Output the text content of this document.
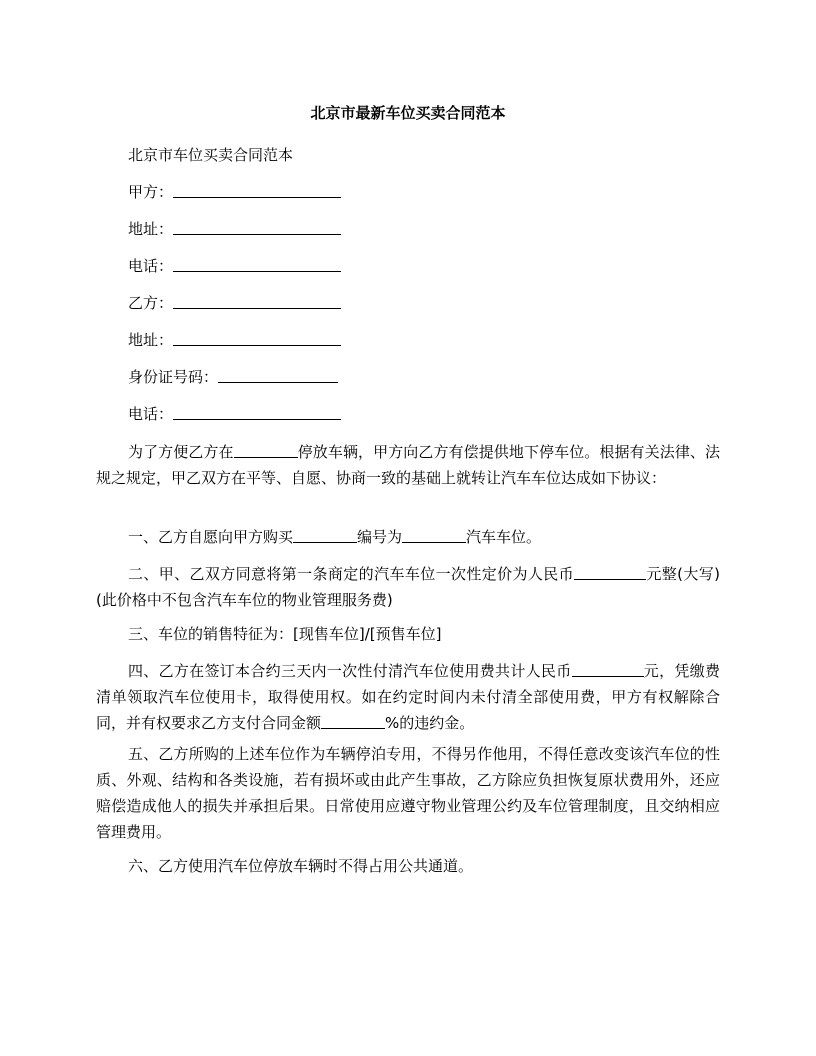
北京市最新车位买卖合同范本

北京市车位买卖合同范本

甲方：

地址：

电话：

乙方：

地址：

身份证号码：

电话：

为了方便乙方在	停放车辆，甲方向乙方有偿提供地下停车位。根据有关法律、法规之规定，甲乙双方在平等、自愿、协商一致的基础上就转让汽车车位达成如下协议：

一、乙方自愿向甲方购买	编号为	汽车车位。

二、甲、乙双方同意将第一条商定的汽车车位一次性定价为人民币	元整(大写)(此价格中不包含汽车车位的物业管理服务费)

三、车位的销售特征为：[现售车位]/[预售车位]

四、乙方在签订本合约三天内一次性付清汽车位使用费共计人民币	元，凭缴费清单领取汽车位使用卡，取得使用权。如在约定时间内未付清全部使用费，甲方有权解除合同，并有权要求乙方支付合同金额	%的违约金。

五、乙方所购的上述车位作为车辆停泊专用，不得另作他用，不得任意改变该汽车位的性质、外观、结构和各类设施，若有损坏或由此产生事故，乙方除应负担恢复原状费用外，还应赔偿造成他人的损失并承担后果。日常使用应遵守物业管理公约及车位管理制度，且交纳相应管理费用。

六、乙方使用汽车位停放车辆时不得占用公共通道。
